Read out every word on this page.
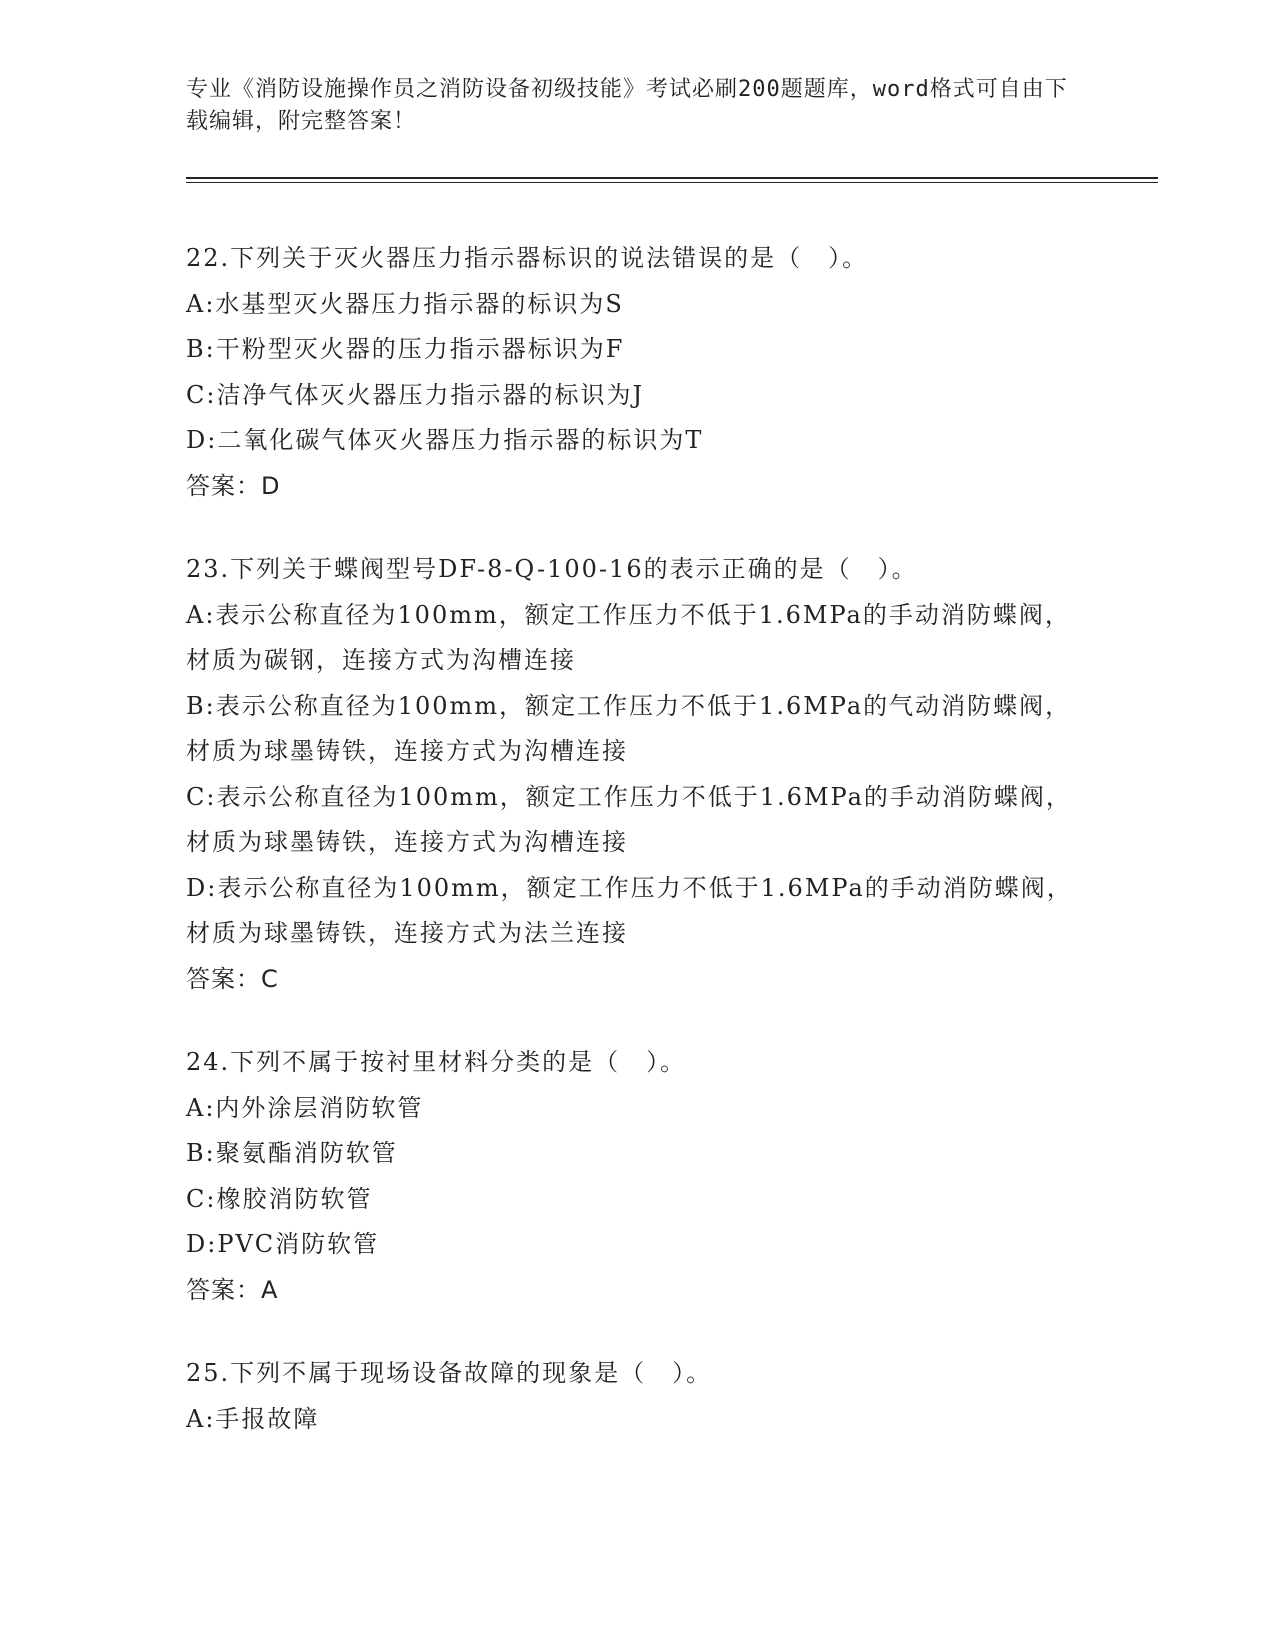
专业《消防设施操作员之消防设备初级技能》考试必刷200题题库，word格式可自由下载编辑，附完整答案！
22.下列关于灭火器压力指示器标识的说法错误的是（　）。
A:水基型灭火器压力指示器的标识为S
B:干粉型灭火器的压力指示器标识为F
C:洁净气体灭火器压力指示器的标识为J
D:二氧化碳气体灭火器压力指示器的标识为T
答案：D
23.下列关于蝶阀型号DF-8-Q-100-16的表示正确的是（　）。
A:表示公称直径为100mm，额定工作压力不低于1.6MPa的手动消防蝶阀，材质为碳钢，连接方式为沟槽连接
B:表示公称直径为100mm，额定工作压力不低于1.6MPa的气动消防蝶阀，材质为球墨铸铁，连接方式为沟槽连接
C:表示公称直径为100mm，额定工作压力不低于1.6MPa的手动消防蝶阀，材质为球墨铸铁，连接方式为沟槽连接
D:表示公称直径为100mm，额定工作压力不低于1.6MPa的手动消防蝶阀，材质为球墨铸铁，连接方式为法兰连接
答案：C
24.下列不属于按衬里材料分类的是（　）。
A:内外涂层消防软管
B:聚氨酯消防软管
C:橡胶消防软管
D:PVC消防软管
答案：A
25.下列不属于现场设备故障的现象是（　）。
A:手报故障
